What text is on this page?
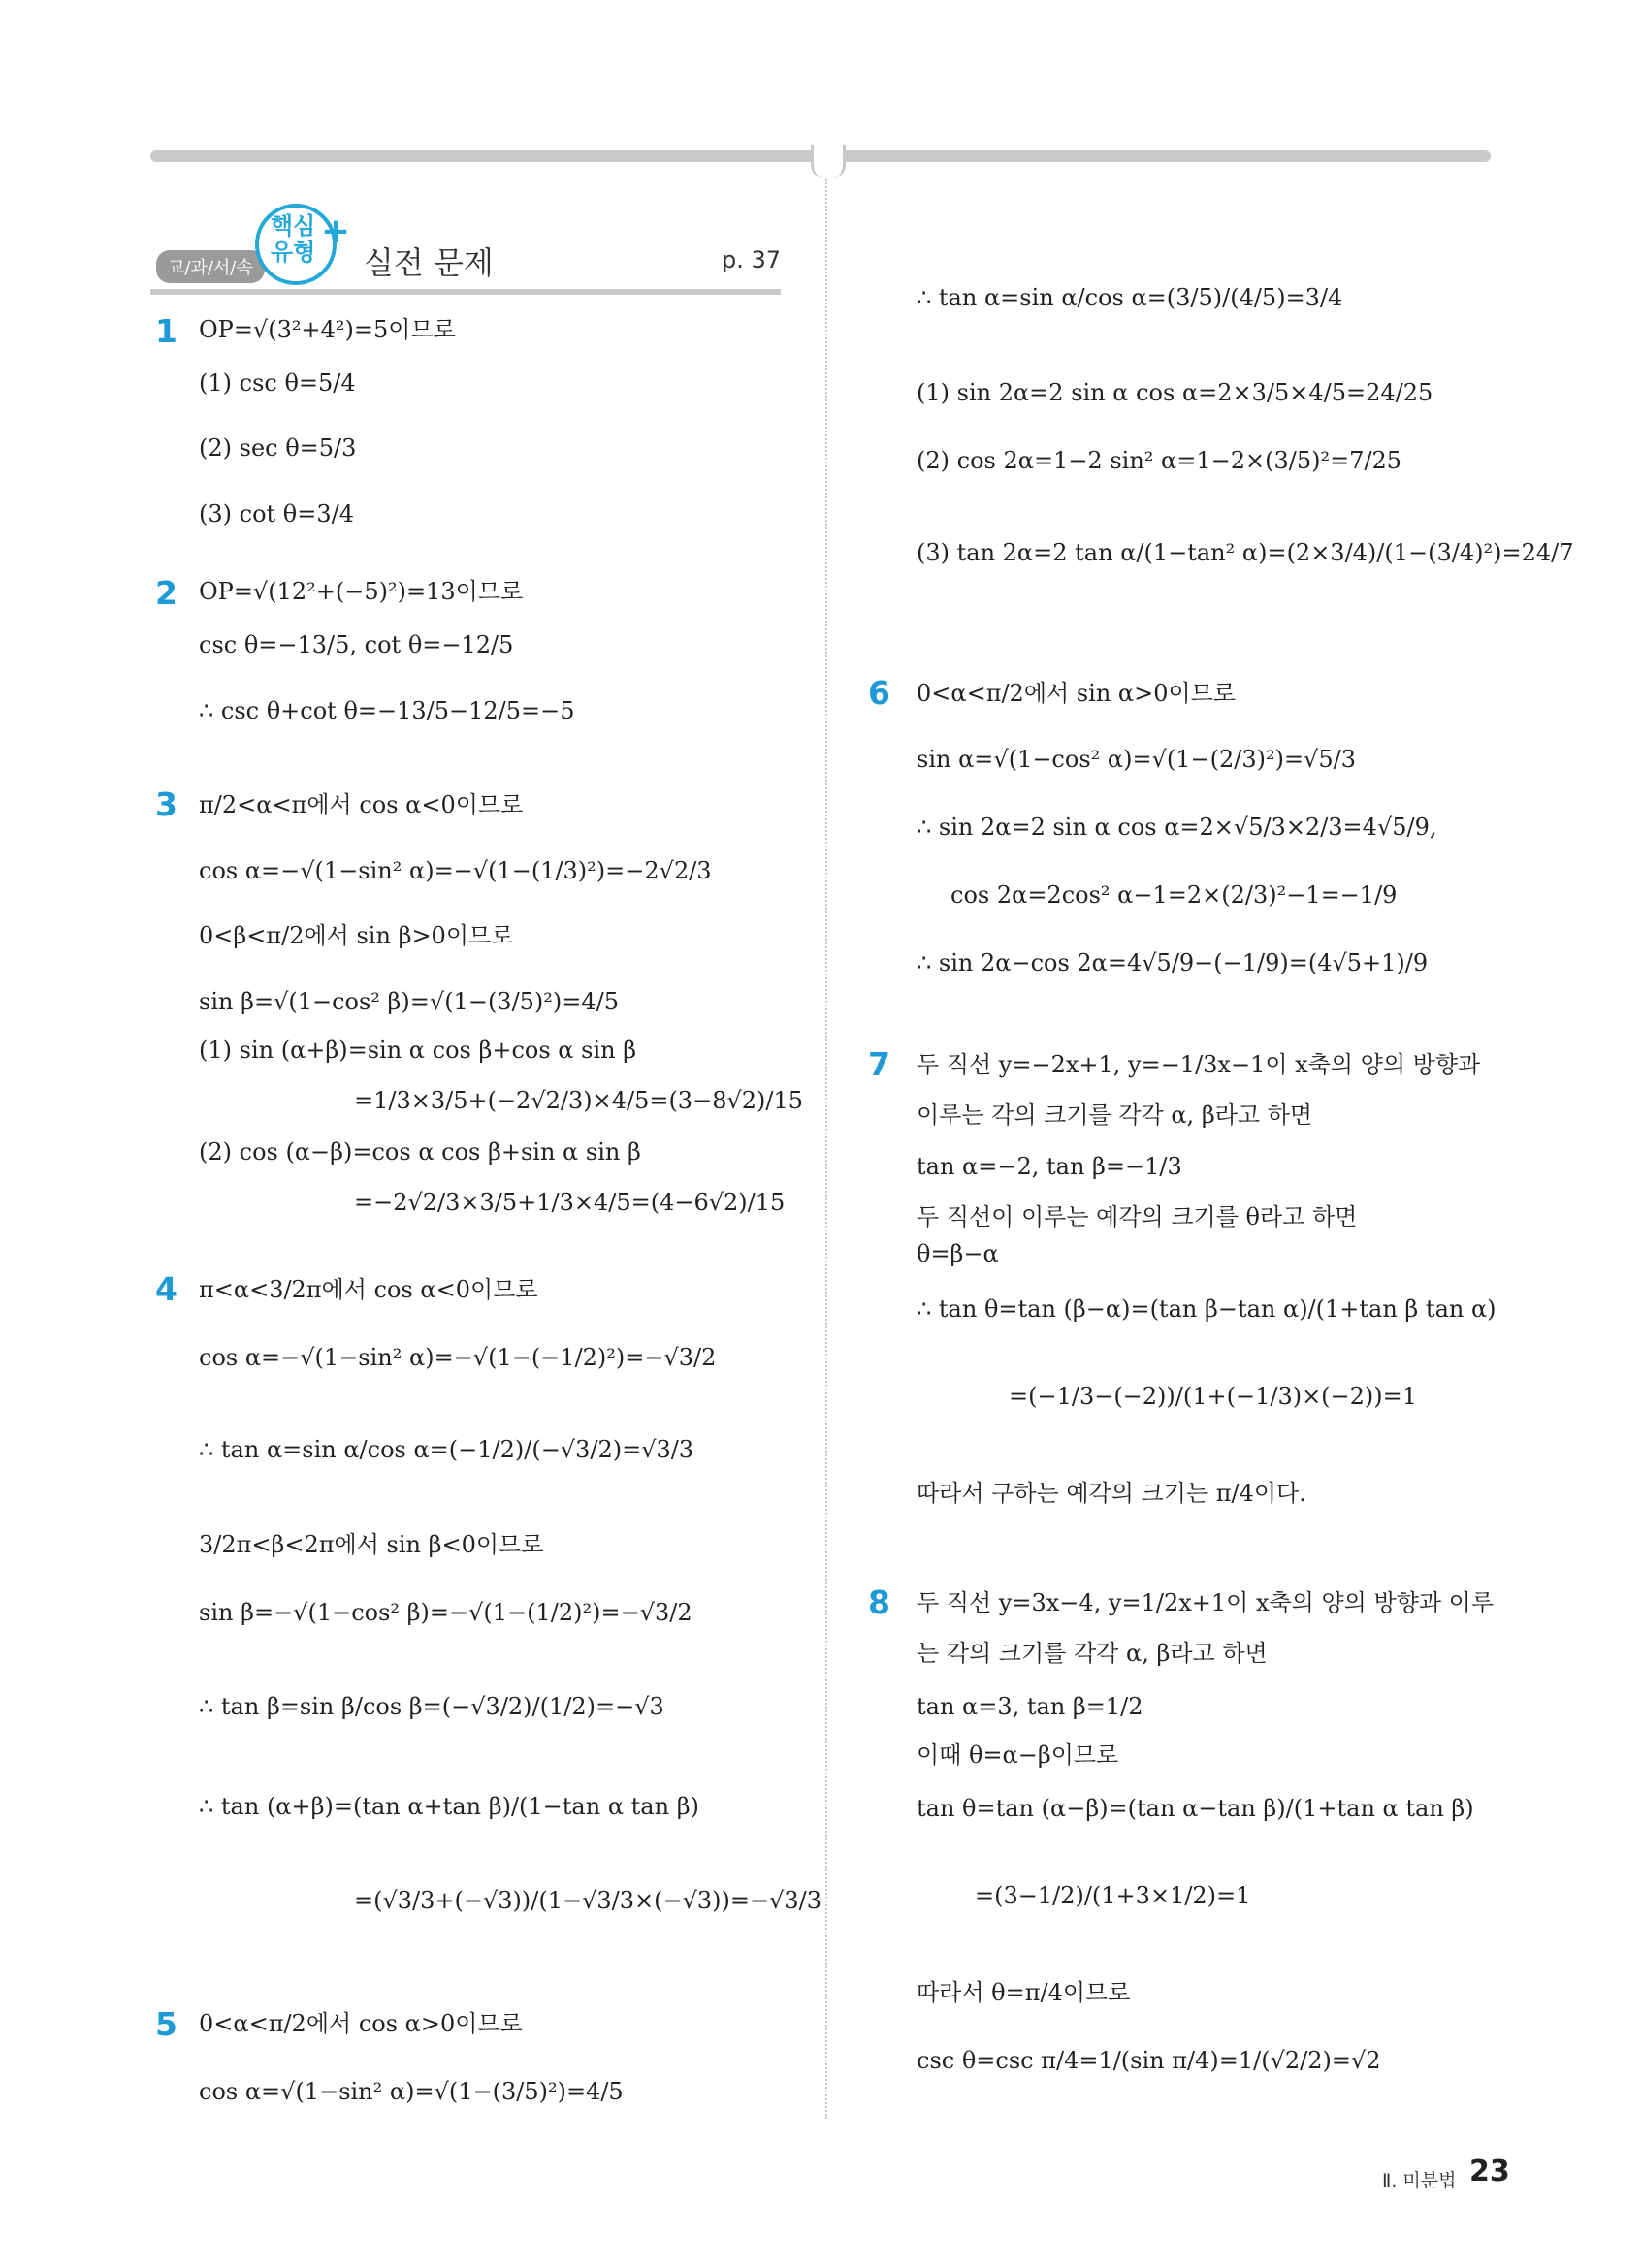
교/과/서/속
핵심 유형
+
실전 문제	p. 37
1 OP=√(3²+4²)=5이므로
(1) csc θ=5/4
(2) sec θ=5/3
(3) cot θ=3/4
2 OP=√(12²+(−5)²)=13이므로
csc θ=−13/5, cot θ=−12/5
∴ csc θ+cot θ=−13/5−12/5=−5
3 π/2<α<π에서 cos α<0이므로
cos α=−√(1−sin² α)=−√(1−(1/3)²)=−2√2/3
0<β<π/2에서 sin β>0이므로
sin β=√(1−cos² β)=√(1−(3/5)²)=4/5
(1) sin (α+β)=sin α cos β+cos α sin β
=1/3×3/5+(−2√2/3)×4/5=(3−8√2)/15
(2) cos (α−β)=cos α cos β+sin α sin β
=−2√2/3×3/5+1/3×4/5=(4−6√2)/15
4 π<α<3/2π에서 cos α<0이므로
cos α=−√(1−sin² α)=−√(1−(−1/2)²)=−√3/2
∴ tan α=sin α/cos α=(−1/2)/(−√3/2)=√3/3
3/2π<β<2π에서 sin β<0이므로
sin β=−√(1−cos² β)=−√(1−(1/2)²)=−√3/2
∴ tan β=sin β/cos β=(−√3/2)/(1/2)=−√3
∴ tan (α+β)=(tan α+tan β)/(1−tan α tan β)
=(√3/3+(−√3))/(1−√3/3×(−√3))=−√3/3
5 0<α<π/2에서 cos α>0이므로
cos α=√(1−sin² α)=√(1−(3/5)²)=4/5
∴ tan α=sin α/cos α=(3/5)/(4/5)=3/4
(1) sin 2α=2 sin α cos α=2×3/5×4/5=24/25
(2) cos 2α=1−2 sin² α=1−2×(3/5)²=7/25
(3) tan 2α=2 tan α/(1−tan² α)=(2×3/4)/(1−(3/4)²)=24/7
6 0<α<π/2에서 sin α>0이므로
sin α=√(1−cos² α)=√(1−(2/3)²)=√5/3
∴ sin 2α=2 sin α cos α=2×√5/3×2/3=4√5/9,
cos 2α=2cos² α−1=2×(2/3)²−1=−1/9
∴ sin 2α−cos 2α=4√5/9−(−1/9)=(4√5+1)/9
7 두 직선 y=−2x+1, y=−1/3x−1이 x축의 양의 방향과
이루는 각의 크기를 각각 α, β라고 하면
tan α=−2, tan β=−1/3
두 직선이 이루는 예각의 크기를 θ라고 하면
θ=β−α
∴ tan θ=tan (β−α)=(tan β−tan α)/(1+tan β tan α)
=(−1/3−(−2))/(1+(−1/3)×(−2))=1
따라서 구하는 예각의 크기는 π/4이다.
8 두 직선 y=3x−4, y=1/2x+1이 x축의 양의 방향과 이루
는 각의 크기를 각각 α, β라고 하면
tan α=3, tan β=1/2
이때 θ=α−β이므로
tan θ=tan (α−β)=(tan α−tan β)/(1+tan α tan β)
=(3−1/2)/(1+3×1/2)=1
따라서 θ=π/4이므로
csc θ=csc π/4=1/(sin π/4)=1/(√2/2)=√2
Ⅱ. 미분법 23
